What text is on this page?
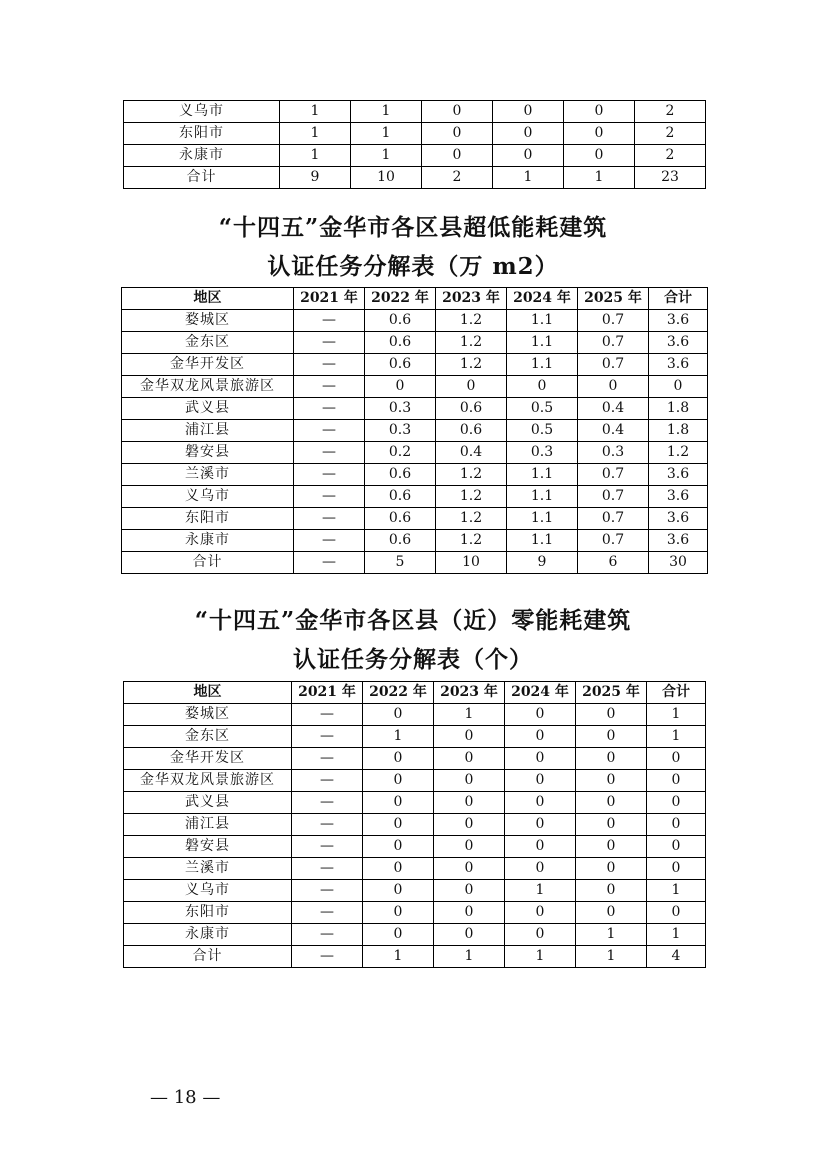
义乌市	1	1	0	0	0	2
东阳市	1	1	0	0	0	2
永康市	1	1	0	0	0	2
合计	9	10	2	1	1	23
“十四五”金华市各区县超低能耗建筑
认证任务分解表（万 m2）
地区	2021 年	2022 年	2023 年	2024 年	2025 年	合计
婺城区	—	0.6	1.2	1.1	0.7	3.6
金东区	—	0.6	1.2	1.1	0.7	3.6
金华开发区	—	0.6	1.2	1.1	0.7	3.6
金华双龙风景旅游区	—	0	0	0	0	0
武义县	—	0.3	0.6	0.5	0.4	1.8
浦江县	—	0.3	0.6	0.5	0.4	1.8
磐安县	—	0.2	0.4	0.3	0.3	1.2
兰溪市	—	0.6	1.2	1.1	0.7	3.6
义乌市	—	0.6	1.2	1.1	0.7	3.6
东阳市	—	0.6	1.2	1.1	0.7	3.6
永康市	—	0.6	1.2	1.1	0.7	3.6
合计	—	5	10	9	6	30
“十四五”金华市各区县（近）零能耗建筑
认证任务分解表（个）
地区	2021 年	2022 年	2023 年	2024 年	2025 年	合计
婺城区	—	0	1	0	0	1
金东区	—	1	0	0	0	1
金华开发区	—	0	0	0	0	0
金华双龙风景旅游区	—	0	0	0	0	0
武义县	—	0	0	0	0	0
浦江县	—	0	0	0	0	0
磐安县	—	0	0	0	0	0
兰溪市	—	0	0	0	0	0
义乌市	—	0	0	1	0	1
东阳市	—	0	0	0	0	0
永康市	—	0	0	0	1	1
合计	—	1	1	1	1	4
— 18 —
